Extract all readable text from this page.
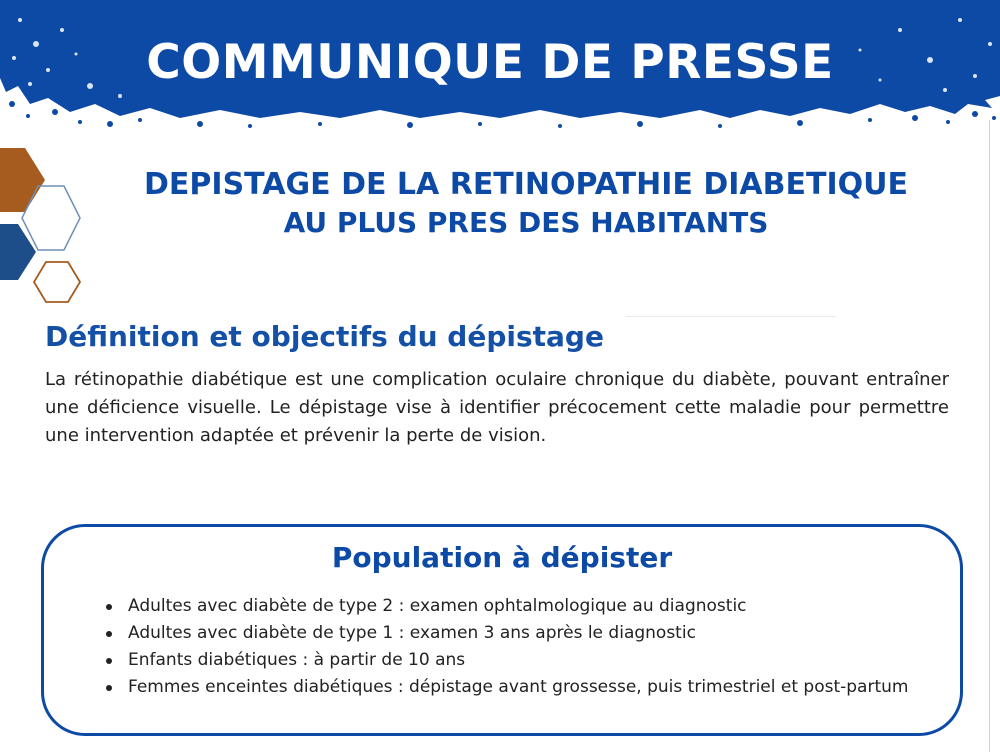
COMMUNIQUE DE PRESSE
DEPISTAGE DE LA RETINOPATHIE DIABETIQUE
AU PLUS PRES DES HABITANTS
Définition et objectifs du dépistage
La rétinopathie diabétique est une complication oculaire chronique du diabète, pouvant entraîner une déficience visuelle. Le dépistage vise à identifier précocement cette maladie pour permettre une intervention adaptée et prévenir la perte de vision.
Population à dépister
Adultes avec diabète de type 2 : examen ophtalmologique au diagnostic
Adultes avec diabète de type 1 : examen 3 ans après le diagnostic
Enfants diabétiques : à partir de 10 ans
Femmes enceintes diabétiques : dépistage avant grossesse, puis trimestriel et post-partum
